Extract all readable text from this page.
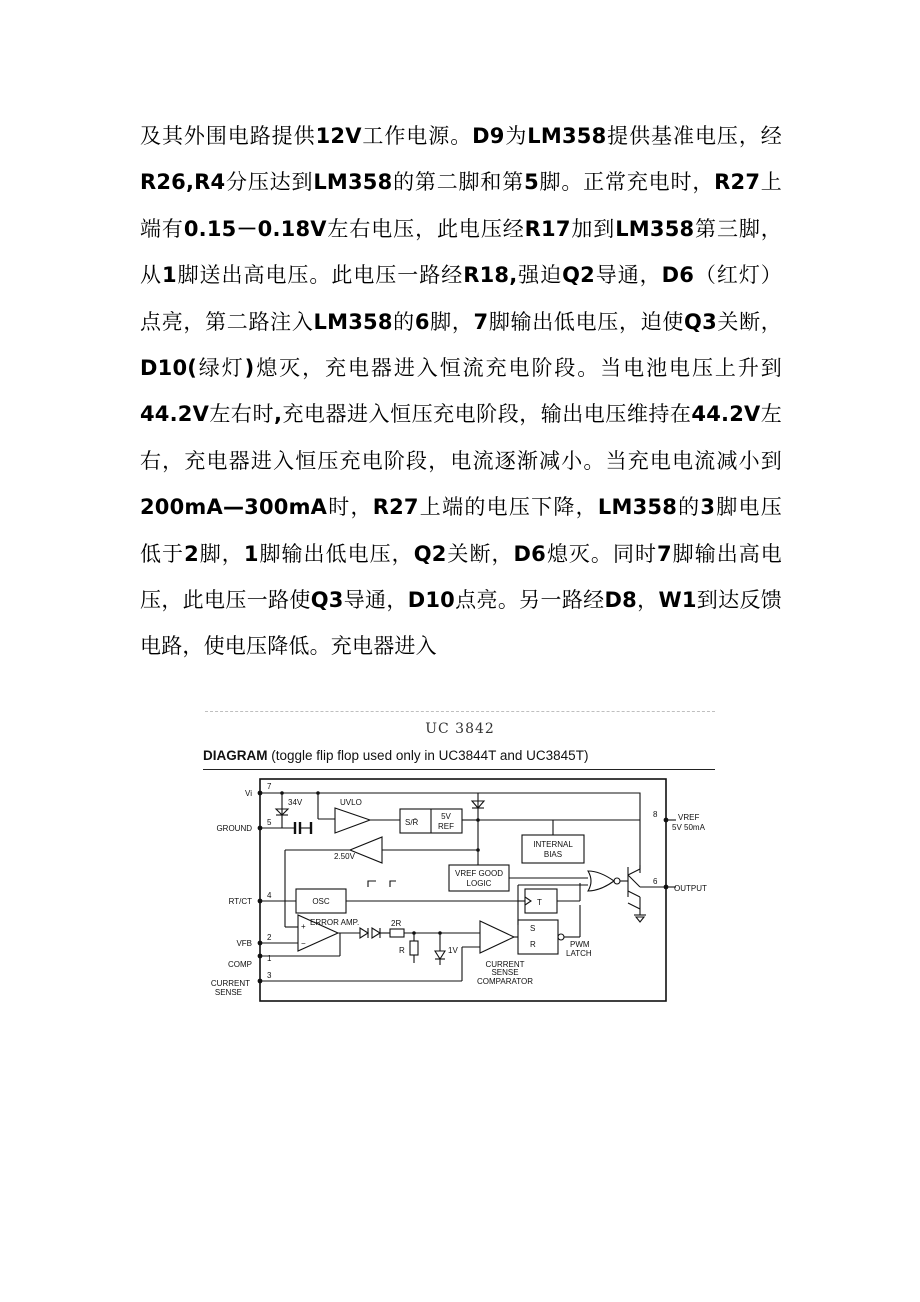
及其外围电路提供12V工作电源。D9为LM358提供基准电压，经R26,R4分压达到LM358的第二脚和第5脚。正常充电时，R27上端有0.15－0.18V左右电压，此电压经R17加到LM358第三脚，从1脚送出高电压。此电压一路经R18,强迫Q2导通，D6（红灯）点亮，第二路注入LM358的6脚，7脚输出低电压，迫使Q3关断，D10(绿灯)熄灭，充电器进入恒流充电阶段。当电池电压上升到44.2V左右时,充电器进入恒压充电阶段，输出电压维持在44.2V左右，充电器进入恒压充电阶段，电流逐渐减小。当充电电流减小到200mA—300mA时，R27上端的电压下降，LM358的3脚电压低于2脚，1脚输出低电压，Q2关断，D6熄灭。同时7脚输出高电压，此电压一路使Q3导通，D10点亮。另一路经D8，W1到达反馈电路，使电压降低。充电器进入

UC 3842
DIAGRAM (toggle flip flop used only in UC3844T and UC3845T)
Vi
GROUND
RT/CT
VFB
COMP
CURRENT
SENSE
7
5
4
2
1
3
8
6
VREF
5V 50mA
OUTPUT
34V	UVLO
S/R̄
5V
REF
INTERNAL
BIAS
2.50V
VREF GOOD
LOGIC
OSC	T
ERROR AMP.
+
−
2R
R	1V
S
R	PWM
LATCH
CURRENT
SENSE
COMPARATOR
